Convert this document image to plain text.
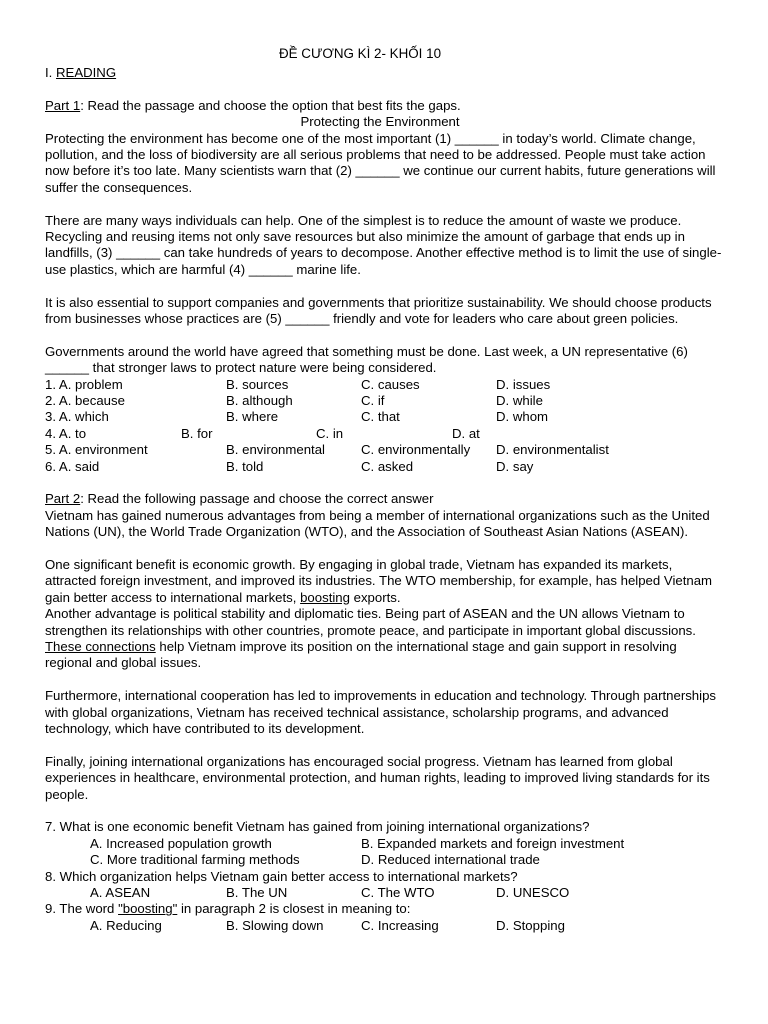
ĐỀ CƯƠNG KÌ 2- KHỐI 10

I. READING

Part 1: Read the passage and choose the option that best fits the gaps.

Protecting the Environment

Protecting the environment has become one of the most important (1) ______ in today’s world. Climate change, pollution, and the loss of biodiversity are all serious problems that need to be addressed. People must take action now before it’s too late. Many scientists warn that (2) ______ we continue our current habits, future generations will suffer the consequences.

There are many ways individuals can help. One of the simplest is to reduce the amount of waste we produce. Recycling and reusing items not only save resources but also minimize the amount of garbage that ends up in landfills, (3) ______ can take hundreds of years to decompose. Another effective method is to limit the use of single-use plastics, which are harmful (4) ______ marine life.

It is also essential to support companies and governments that prioritize sustainability. We should choose products from businesses whose practices are (5) ______ friendly and vote for leaders who care about green policies.

Governments around the world have agreed that something must be done. Last week, a UN representative (6) ______ that stronger laws to protect nature were being considered.

1. A. problem	B. sources	C. causes	D. issues
2. A. because	B. although	C. if	D. while
3. A. which	B. where	C. that	D. whom
4. A. to	B. for	C. in	D. at
5. A. environment	B. environmental	C. environmentally D. environmentalist
6. A. said	B. told	C. asked	D. say

Part 2: Read the following passage and choose the correct answer

Vietnam has gained numerous advantages from being a member of international organizations such as the United Nations (UN), the World Trade Organization (WTO), and the Association of Southeast Asian Nations (ASEAN).

One significant benefit is economic growth. By engaging in global trade, Vietnam has expanded its markets, attracted foreign investment, and improved its industries. The WTO membership, for example, has helped Vietnam gain better access to international markets, boosting exports.

Another advantage is political stability and diplomatic ties. Being part of ASEAN and the UN allows Vietnam to strengthen its relationships with other countries, promote peace, and participate in important global discussions. These connections help Vietnam improve its position on the international stage and gain support in resolving regional and global issues.

Furthermore, international cooperation has led to improvements in education and technology. Through partnerships with global organizations, Vietnam has received technical assistance, scholarship programs, and advanced technology, which have contributed to its development.

Finally, joining international organizations has encouraged social progress. Vietnam has learned from global experiences in healthcare, environmental protection, and human rights, leading to improved living standards for its people.

7. What is one economic benefit Vietnam has gained from joining international organizations?

A. Increased population growth	B. Expanded markets and foreign investment
C. More traditional farming methods	D. Reduced international trade

8. Which organization helps Vietnam gain better access to international markets?

A. ASEAN	B. The UN	C. The WTO	D. UNESCO

9. The word "boosting" in paragraph 2 is closest in meaning to:

A. Reducing	B. Slowing down	C. Increasing	D. Stopping
